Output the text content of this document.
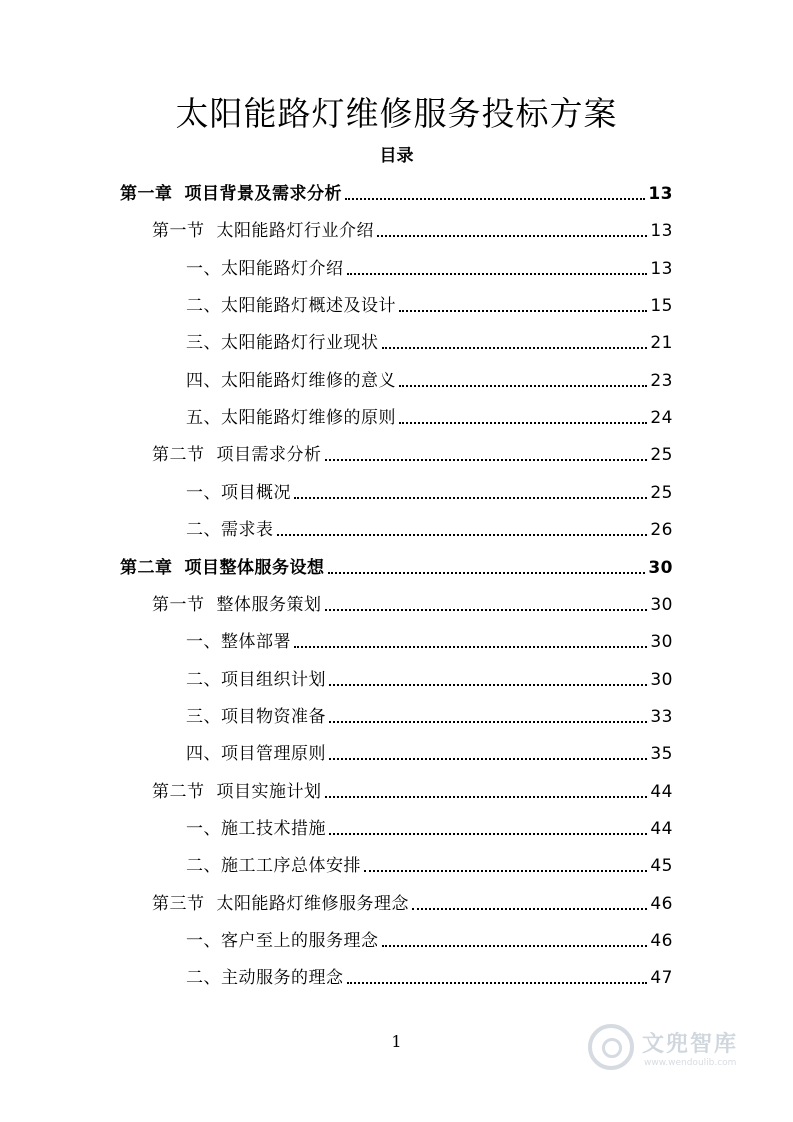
太阳能路灯维修服务投标方案
目录
第一章 项目背景及需求分析	13
第一节 太阳能路灯行业介绍	13
一、太阳能路灯介绍	13
二、太阳能路灯概述及设计	15
三、太阳能路灯行业现状	21
四、太阳能路灯维修的意义	23
五、太阳能路灯维修的原则	24
第二节 项目需求分析	25
一、项目概况	25
二、需求表	26
第二章 项目整体服务设想	30
第一节 整体服务策划	30
一、整体部署	30
二、项目组织计划	30
三、项目物资准备	33
四、项目管理原则	35
第二节 项目实施计划	44
一、施工技术措施	44
二、施工工序总体安排	45
第三节 太阳能路灯维修服务理念	46
一、客户至上的服务理念	46
二、主动服务的理念	47
1	文兜智库
www.wendoulib.com
